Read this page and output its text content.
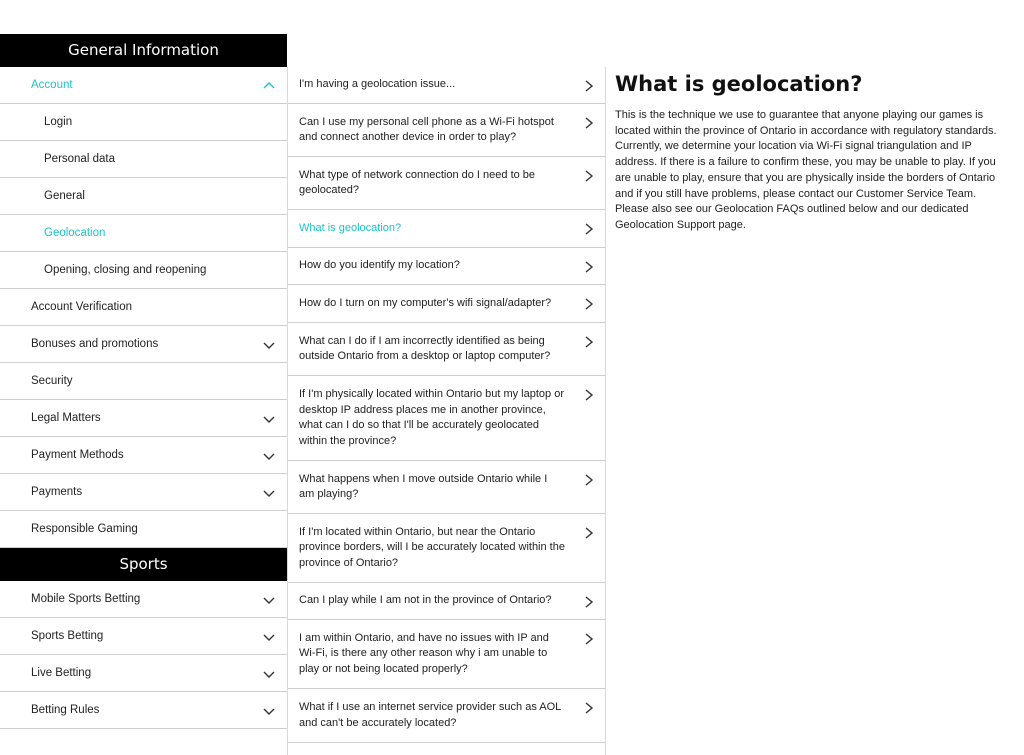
General Information
Account
Login
Personal data
General
Geolocation
Opening, closing and reopening
Account Verification
Bonuses and promotions
Security
Legal Matters
Payment Methods
Payments
Responsible Gaming
Sports
Mobile Sports Betting
Sports Betting
Live Betting
Betting Rules
I'm having a geolocation issue...
Can I use my personal cell phone as a Wi-Fi hotspot and connect another device in order to play?
What type of network connection do I need to be geolocated?
What is geolocation?
How do you identify my location?
How do I turn on my computer's wifi signal/adapter?
What can I do if I am incorrectly identified as being outside Ontario from a desktop or laptop computer?
If I'm physically located within Ontario but my laptop or desktop IP address places me in another province, what can I do so that I'll be accurately geolocated within the province?
What happens when I move outside Ontario while I am playing?
If I'm located within Ontario, but near the Ontario province borders, will I be accurately located within the province of Ontario?
Can I play while I am not in the province of Ontario?
I am within Ontario, and have no issues with IP and Wi-Fi, is there any other reason why i am unable to play or not being located properly?
What if I use an internet service provider such as AOL and can't be accurately located?
What is geolocation?

This is the technique we use to guarantee that anyone playing our games is located within the province of Ontario in accordance with regulatory standards. Currently, we determine your location via Wi-Fi signal triangulation and IP address. If there is a failure to confirm these, you may be unable to play. If you are unable to play, ensure that you are physically inside the borders of Ontario and if you still have problems, please contact our Customer Service Team. Please also see our Geolocation FAQs outlined below and our dedicated Geolocation Support page.
